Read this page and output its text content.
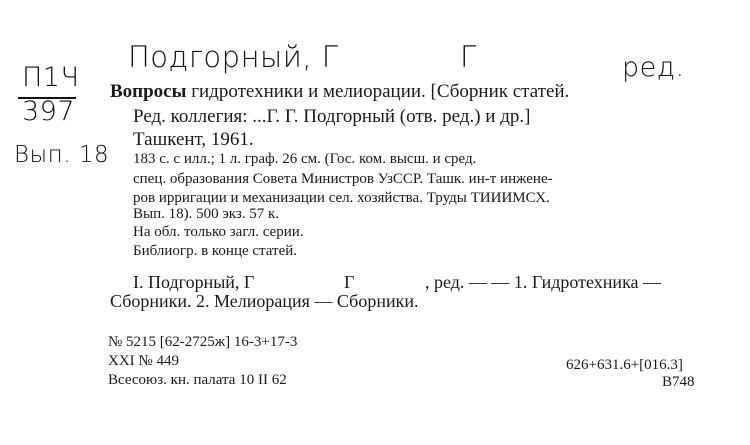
Подгорный, Г	Г	ред.
П1Ч
397
Вып. 18
Вопросы гидротехники и мелиорации. [Сборник статей.
Ред. коллегия: ...Г. Г. Подгорный (отв. ред.) и др.]
Ташкент, 1961.
183 с. с илл.; 1 л. граф. 26 см. (Гос. ком. высш. и сред.
спец. образования Совета Министров УзССР. Ташк. ин-т инжене-
ров ирригации и механизации сел. хозяйства. Труды ТИИИМСХ.
Вып. 18). 500 экз. 57 к.
На обл. только загл. серии.
Библиогр. в конце статей.
I. Подгорный, Г	Г	, ред. — — 1. Гидротехника —
Сборники. 2. Мелиорация — Сборники.
№ 5215 [62-2725ж] 16-3+17-3
XXI № 449
Всесоюз. кн. палата 10 II 62
626+631.6+[016.3]
В748
